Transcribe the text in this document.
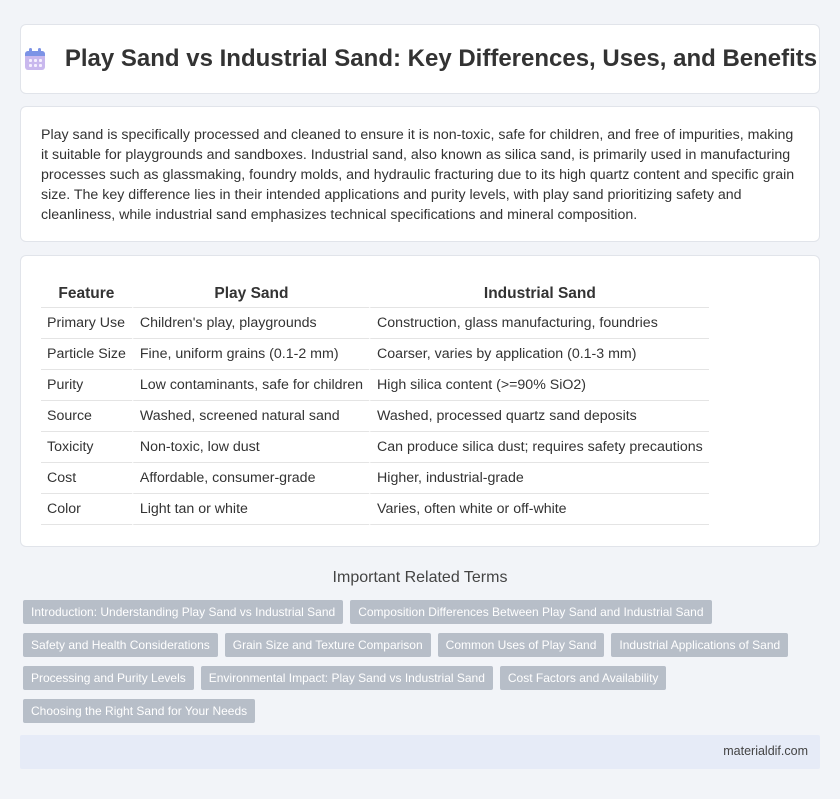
Play Sand vs Industrial Sand: Key Differences, Uses, and Benefits

Play sand is specifically processed and cleaned to ensure it is non-toxic, safe for children, and free of impurities, making it suitable for playgrounds and sandboxes. Industrial sand, also known as silica sand, is primarily used in manufacturing processes such as glassmaking, foundry molds, and hydraulic fracturing due to its high quartz content and specific grain size. The key difference lies in their intended applications and purity levels, with play sand prioritizing safety and cleanliness, while industrial sand emphasizes technical specifications and mineral composition.

Feature	Play Sand	Industrial Sand
Primary Use	Children's play, playgrounds	Construction, glass manufacturing, foundries
Particle Size	Fine, uniform grains (0.1-2 mm)	Coarser, varies by application (0.1-3 mm)
Purity	Low contaminants, safe for children	High silica content (>=90% SiO2)
Source	Washed, screened natural sand	Washed, processed quartz sand deposits
Toxicity	Non-toxic, low dust	Can produce silica dust; requires safety precautions
Cost	Affordable, consumer-grade	Higher, industrial-grade
Color	Light tan or white	Varies, often white or off-white
Important Related Terms
Introduction: Understanding Play Sand vs Industrial Sand	Composition Differences Between Play Sand and Industrial Sand
Safety and Health Considerations	Grain Size and Texture Comparison	Common Uses of Play Sand	Industrial Applications of Sand
Processing and Purity Levels	Environmental Impact: Play Sand vs Industrial Sand	Cost Factors and Availability
Choosing the Right Sand for Your Needs
materialdif.com
